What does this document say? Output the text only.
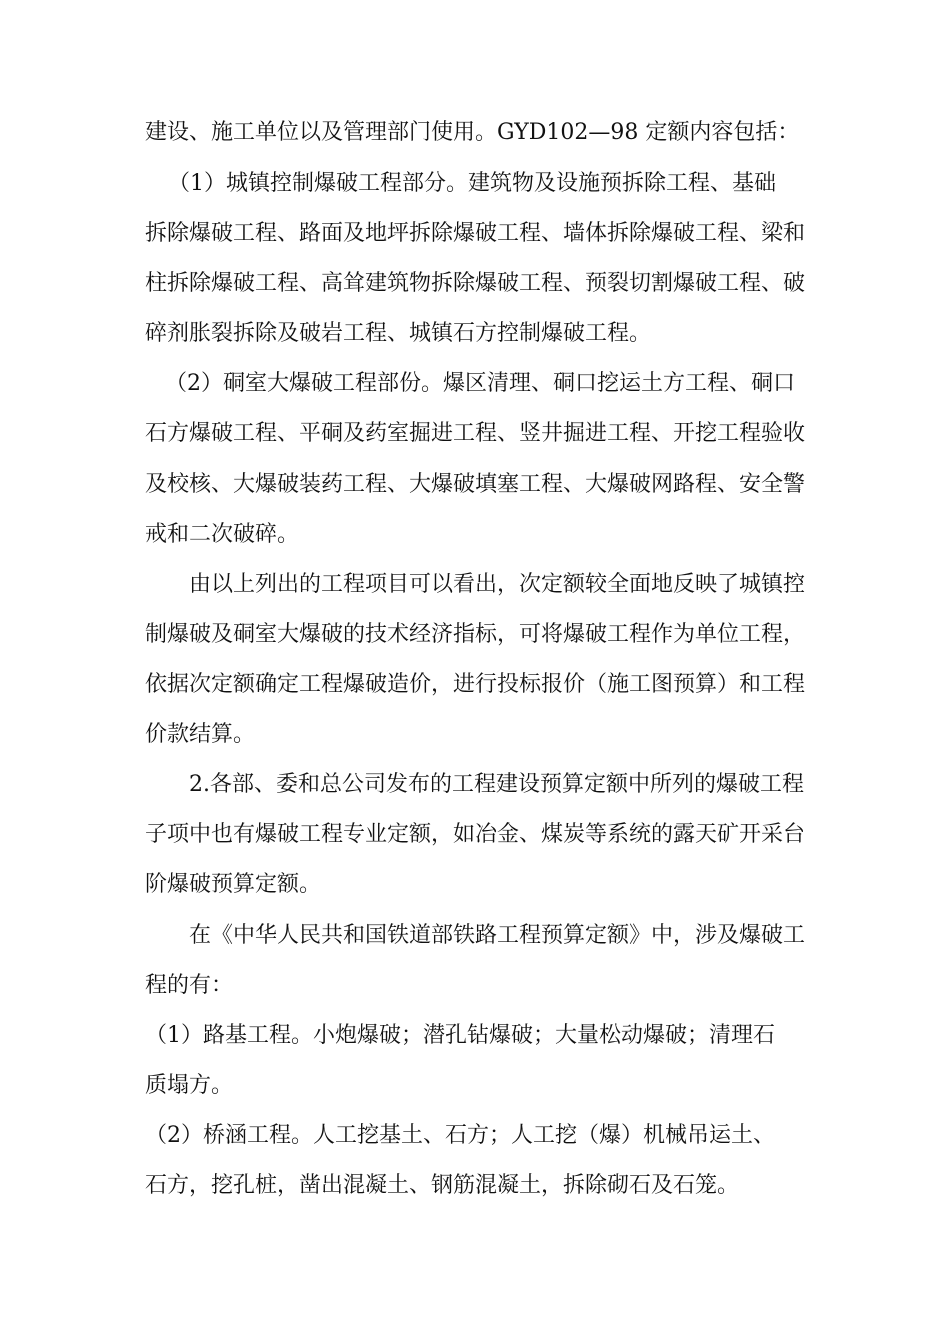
建设、施工单位以及管理部门使用。GYD102—98 定额内容包括：
（1）城镇控制爆破工程部分。建筑物及设施预拆除工程、基础
拆除爆破工程、路面及地坪拆除爆破工程、墙体拆除爆破工程、梁和
柱拆除爆破工程、高耸建筑物拆除爆破工程、预裂切割爆破工程、破
碎剂胀裂拆除及破岩工程、城镇石方控制爆破工程。
（2）硐室大爆破工程部份。爆区清理、硐口挖运土方工程、硐口
石方爆破工程、平硐及药室掘进工程、竖井掘进工程、开挖工程验收
及校核、大爆破装药工程、大爆破填塞工程、大爆破网路程、安全警
戒和二次破碎。
由以上列出的工程项目可以看出，次定额较全面地反映了城镇控
制爆破及硐室大爆破的技术经济指标，可将爆破工程作为单位工程，
依据次定额确定工程爆破造价，进行投标报价（施工图预算）和工程
价款结算。
2.各部、委和总公司发布的工程建设预算定额中所列的爆破工程
子项中也有爆破工程专业定额，如冶金、煤炭等系统的露天矿开采台
阶爆破预算定额。
在《中华人民共和国铁道部铁路工程预算定额》中，涉及爆破工
程的有：
（1）路基工程。小炮爆破；潜孔钻爆破；大量松动爆破；清理石
质塌方。
（2）桥涵工程。人工挖基土、石方；人工挖（爆）机械吊运土、
石方，挖孔桩，凿出混凝土、钢筋混凝土，拆除砌石及石笼。
